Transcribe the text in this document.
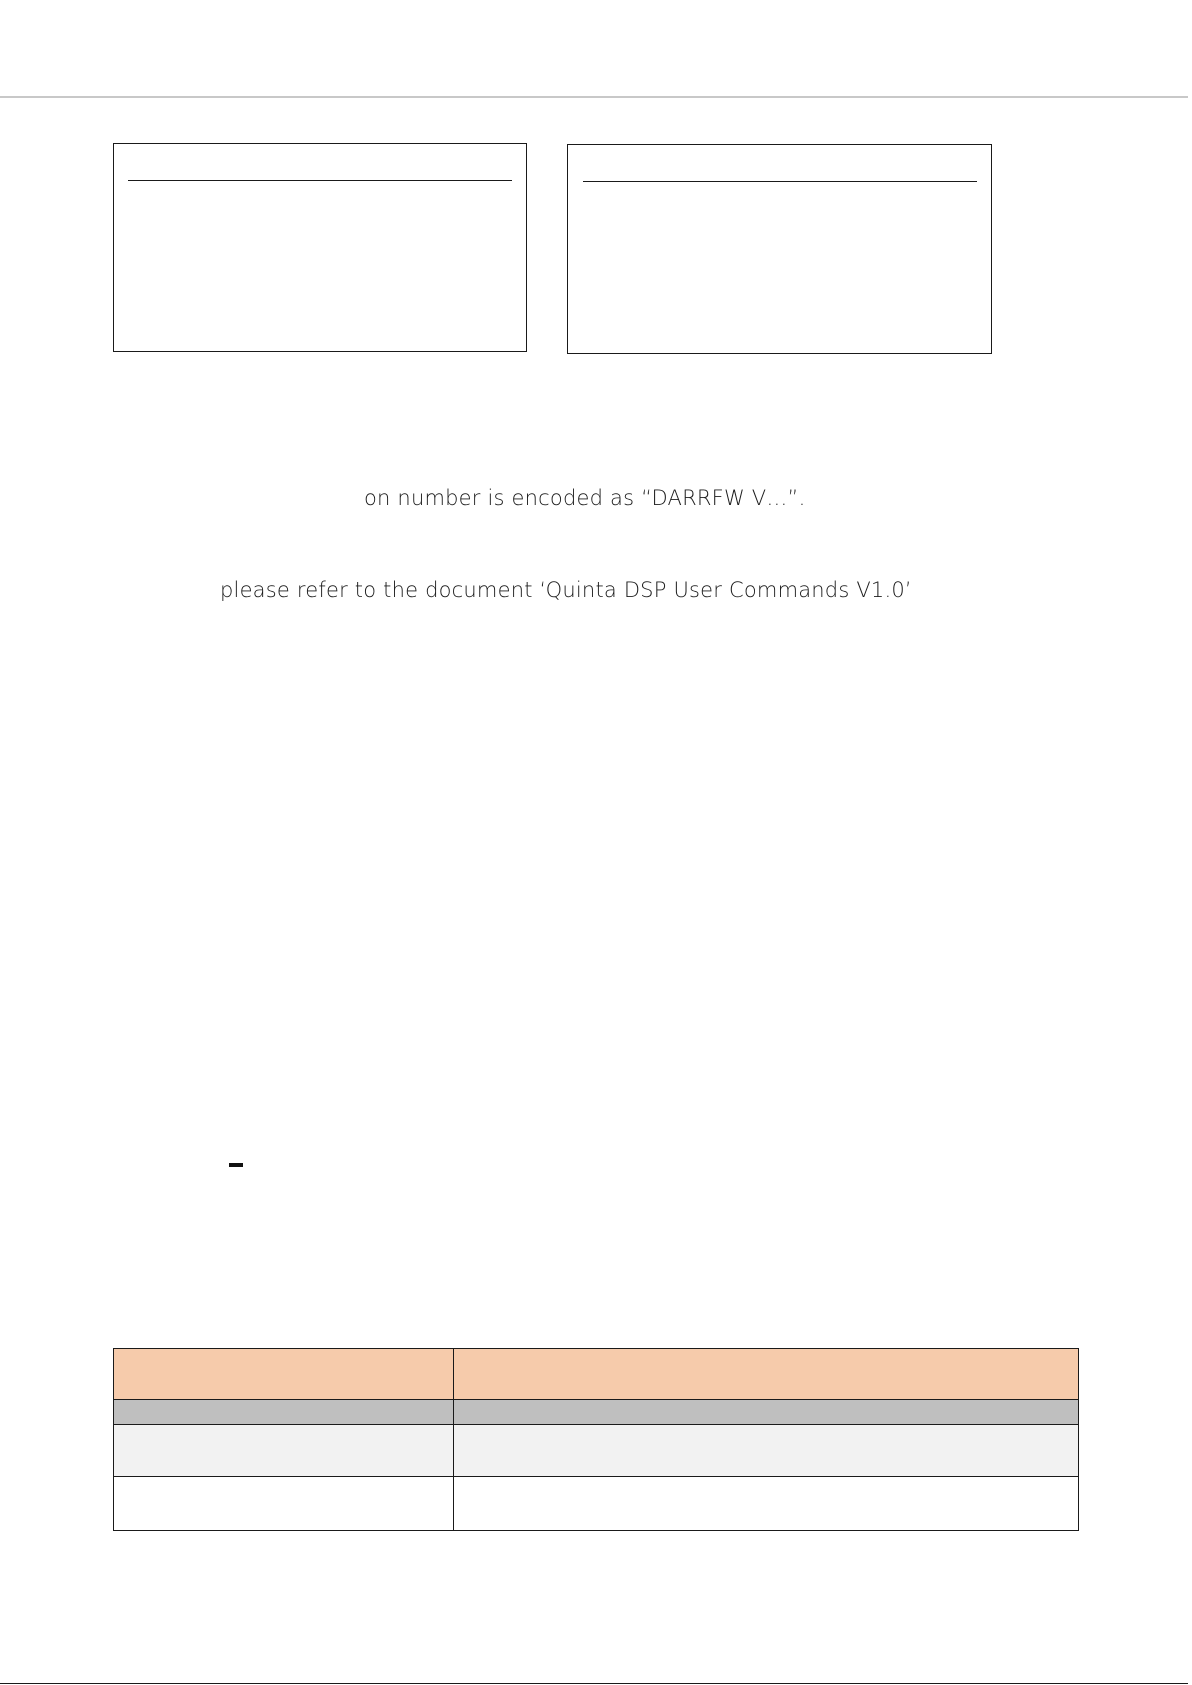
on number is encoded as “DARRFW V…”.
please refer to the document ‘Quinta DSP User Commands V1.0’
